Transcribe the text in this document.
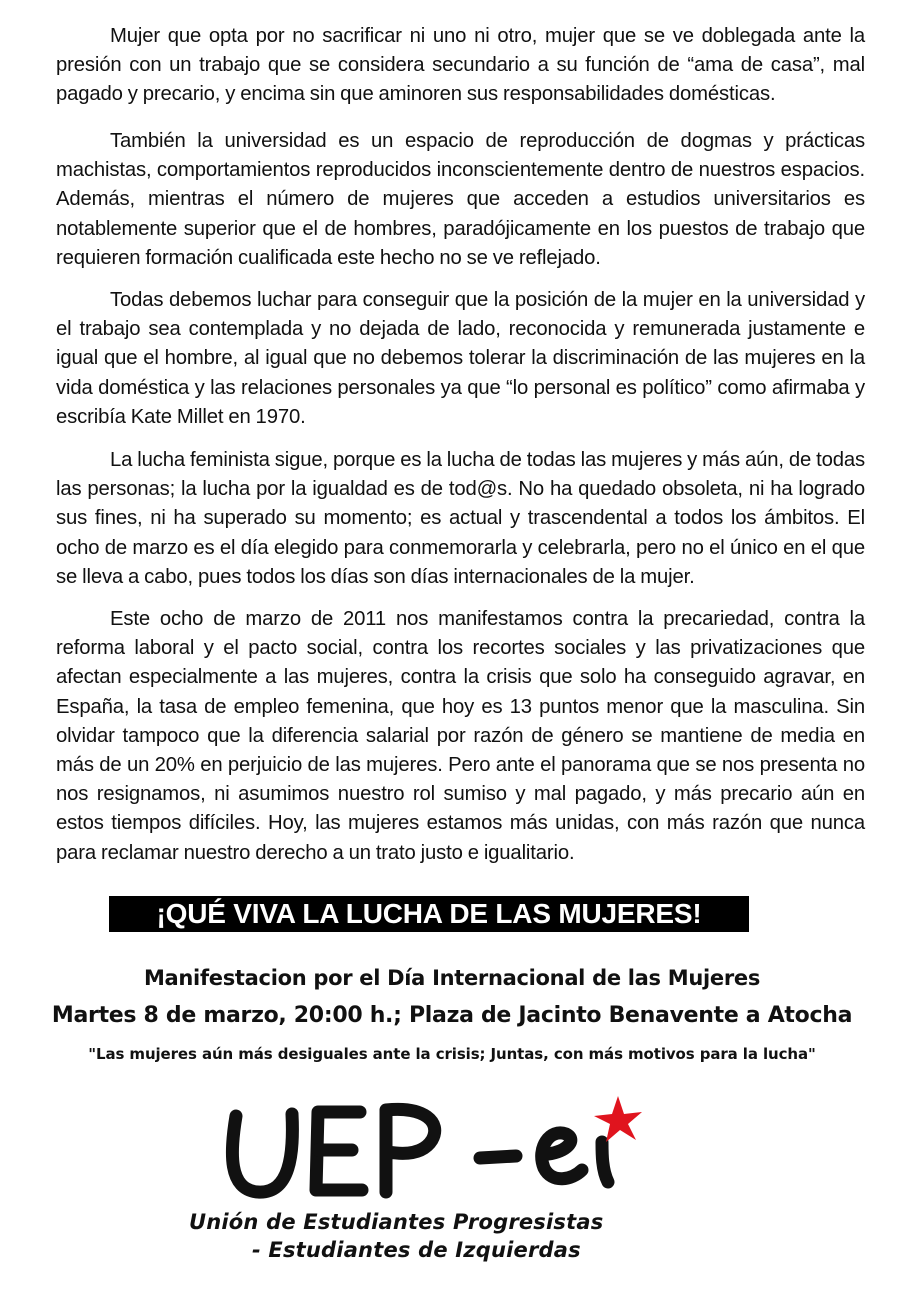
Mujer que opta por no sacrificar ni uno ni otro, mujer que se ve doblegada ante la presión con un trabajo que se considera secundario a su función de “ama de casa”, mal pagado y precario, y encima sin que aminoren sus responsabilidades domésticas.

También la universidad es un espacio de reproducción de dogmas y prácticas machistas, comportamientos reproducidos inconscientemente dentro de nuestros espacios. Además, mientras el número de mujeres que acceden a estudios universitarios es notablemente superior que el de hombres, paradójicamente en los puestos de trabajo que requieren formación cualificada este hecho no se ve reflejado.

Todas debemos luchar para conseguir que la posición de la mujer en la universidad y el trabajo sea contemplada y no dejada de lado, reconocida y remunerada justamente e igual que el hombre, al igual que no debemos tolerar la discriminación de las mujeres en la vida doméstica y las relaciones personales ya que “lo personal es político” como afirmaba y escribía Kate Millet en 1970.

La lucha feminista sigue, porque es la lucha de todas las mujeres y más aún, de todas las personas; la lucha por la igualdad es de tod@s. No ha quedado obsoleta, ni ha logrado sus fines, ni ha superado su momento; es actual y trascendental a todos los ámbitos. El ocho de marzo es el día elegido para conmemorarla y celebrarla, pero no el único en el que se lleva a cabo, pues todos los días son días internacionales de la mujer.

Este ocho de marzo de 2011 nos manifestamos contra la precariedad, contra la reforma laboral y el pacto social, contra los recortes sociales y las privatizaciones que afectan especialmente a las mujeres, contra la crisis que solo ha conseguido agravar, en España, la tasa de empleo femenina, que hoy es 13 puntos menor que la masculina. Sin olvidar tampoco que la diferencia salarial por razón de género se mantiene de media en más de un 20% en perjuicio de las mujeres. Pero ante el panorama que se nos presenta no nos resignamos, ni asumimos nuestro rol sumiso y mal pagado, y más precario aún en estos tiempos difíciles. Hoy, las mujeres estamos más unidas, con más razón que nunca para reclamar nuestro derecho a un trato justo e igualitario.

¡QUÉ VIVA LA LUCHA DE LAS MUJERES!

Manifestacion por el Día Internacional de las Mujeres

Martes 8 de marzo, 20:00 h.; Plaza de Jacinto Benavente a Atocha

"Las mujeres aún más desiguales ante la crisis; Juntas, con más motivos para la lucha"

Unión de Estudiantes Progresistas

- Estudiantes de Izquierdas
